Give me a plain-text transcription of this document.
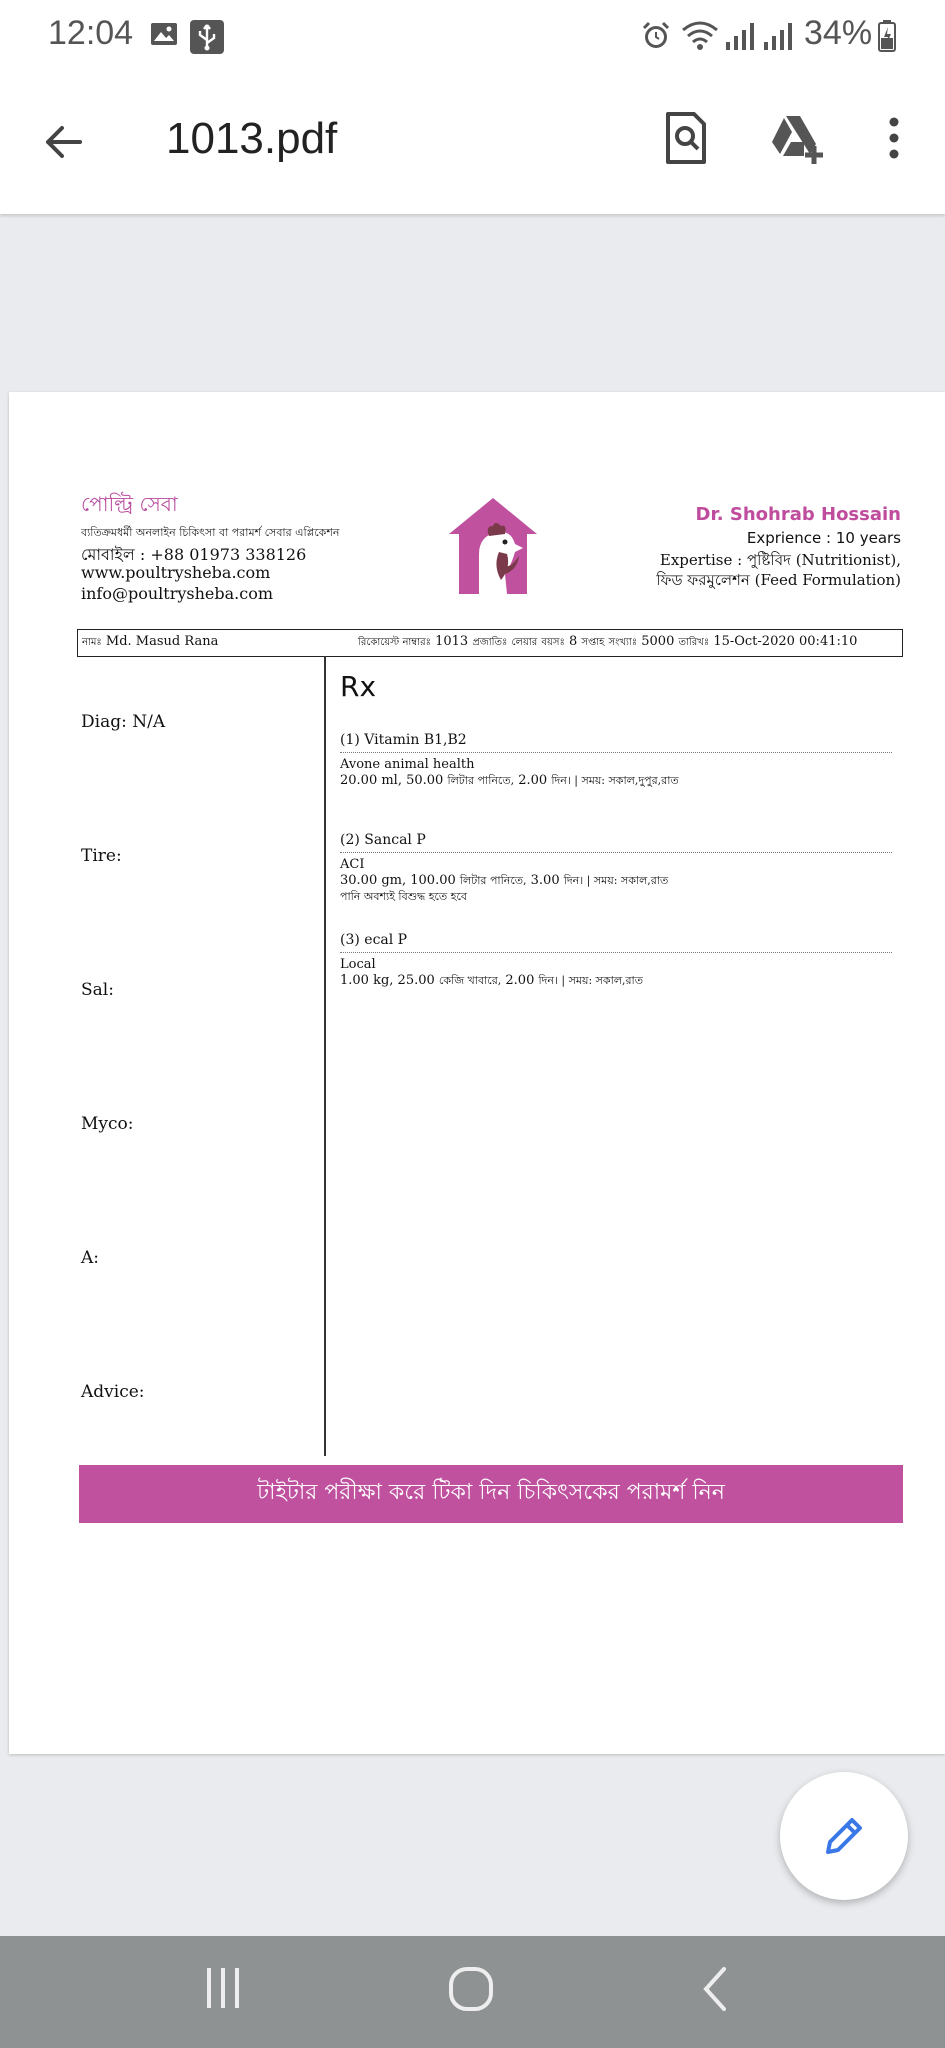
12:04	34%
1013.pdf
পোল্ট্রি সেবা
ব্যতিক্রমধর্মী অনলাইন চিকিৎসা বা পরামর্শ সেবার এপ্লিকেশন
মোবাইল : +88 01973 338126
www.poultrysheba.com
info@poultrysheba.com
Dr. Shohrab Hossain
Exprience : 10 years
Expertise : পুষ্টিবিদ (Nutritionist),
ফিড ফরমুলেশন (Feed Formulation)
নামঃ Md. Masud Rana	রিকোয়েস্ট নাম্বারঃ 1013 প্রজাতিঃ লেয়ার বয়সঃ 8 সপ্তাহ সংখ্যাঃ 5000 তারিখঃ 15-Oct-2020 00:41:10
Diag: N/A
Tire:
Sal:
Myco:
A:
Advice:
Rx
(1) Vitamin B1,B2
Avone animal health
20.00 ml, 50.00 লিটার পানিতে, 2.00 দিন। | সময়: সকাল,দুপুর,রাত
(2) Sancal P
ACI
30.00 gm, 100.00 লিটার পানিতে, 3.00 দিন। | সময়: সকাল,রাত
পানি অবশ্যই বিশুদ্ধ হতে হবে
(3) ecal P
Local
1.00 kg, 25.00 কেজি খাবারে, 2.00 দিন। | সময়: সকাল,রাত
টাইটার পরীক্ষা করে টিকা দিন চিকিৎসকের পরামর্শ নিন
